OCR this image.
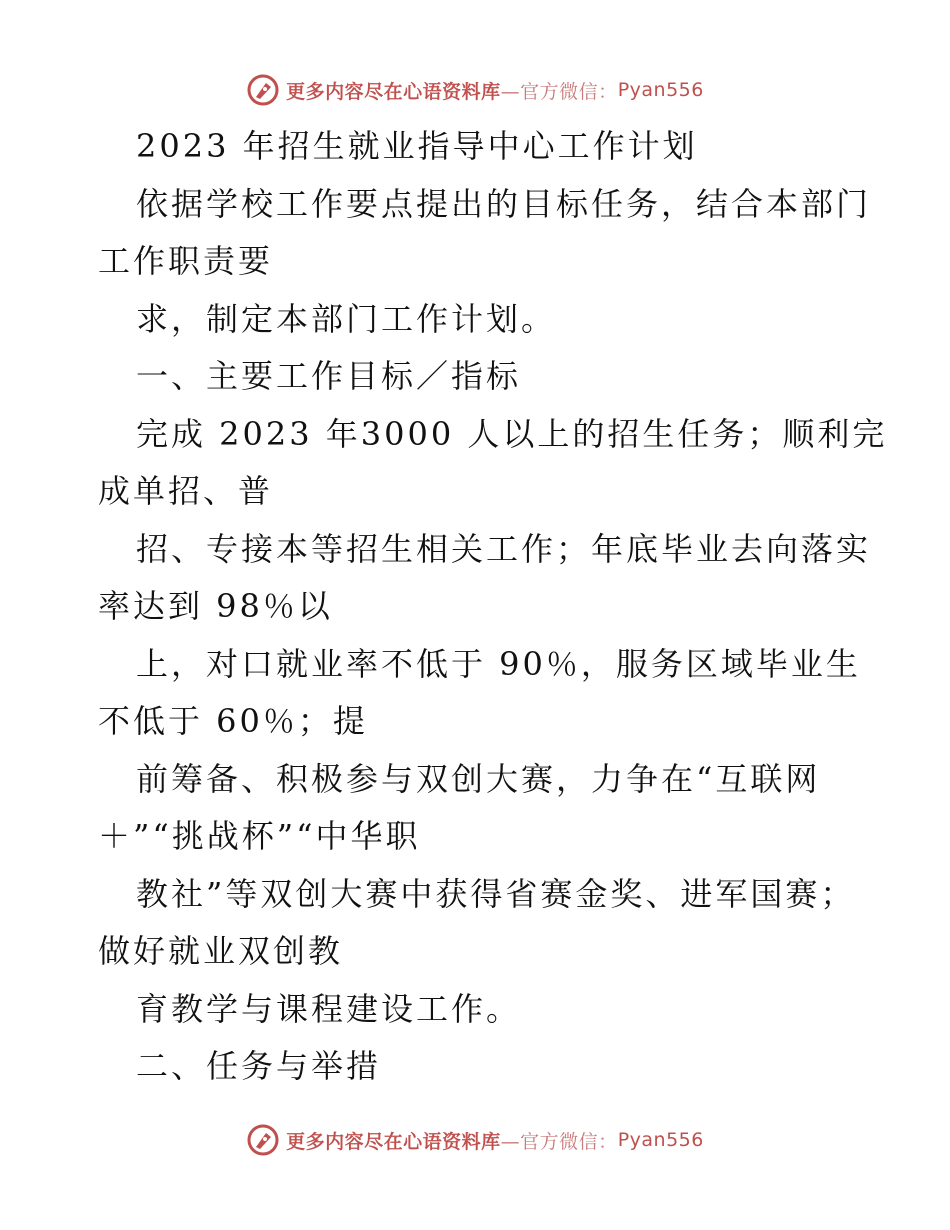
更多内容尽在心语资料库 —官方微信： Pyan556
2023 年招生就业指导中心工作计划
依据学校工作要点提出的目标任务，结合本部门
工作职责要
求，制定本部门工作计划。
一、主要工作目标／指标
完成 2023 年3000 人以上的招生任务；顺利完
成单招、普
招、专接本等招生相关工作；年底毕业去向落实
率达到 98％以
上，对口就业率不低于 90％，服务区域毕业生
不低于 60％；提
前筹备、积极参与双创大赛，力争在“互联网
＋”“挑战杯”“中华职
教社”等双创大赛中获得省赛金奖、进军国赛；
做好就业双创教
育教学与课程建设工作。
二、任务与举措
更多内容尽在心语资料库 —官方微信： Pyan556
